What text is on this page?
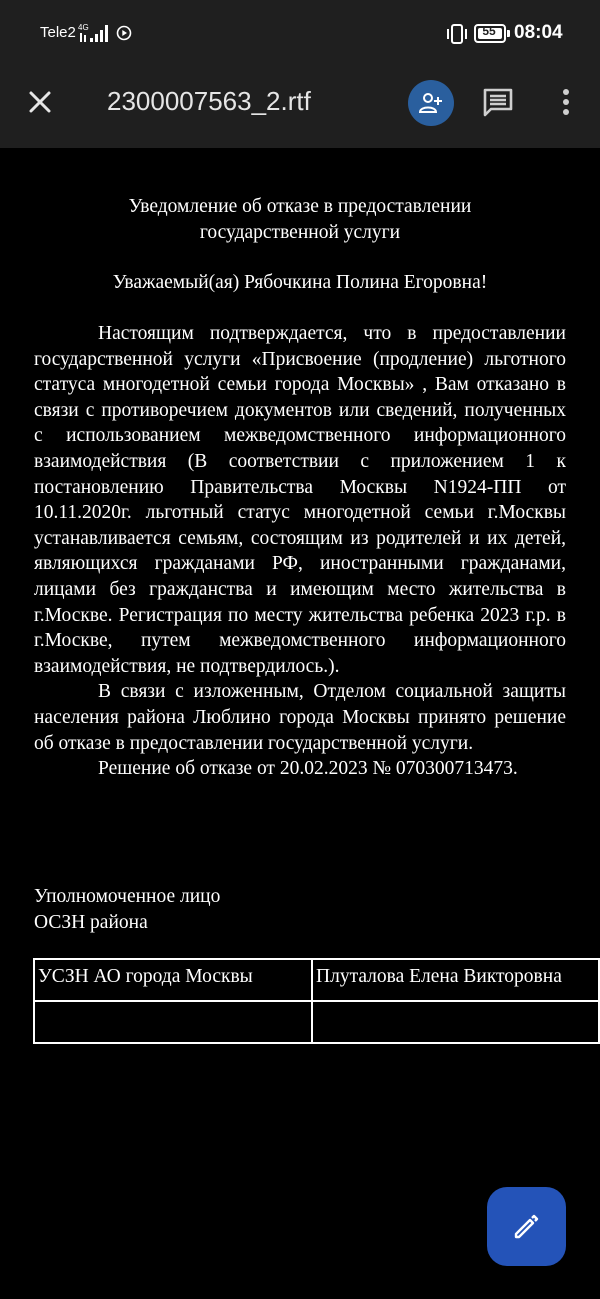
Tele2 4G	55 08:04
2300007563_2.rtf
Уведомление об отказе в предоставлении
государственной услуги
Уважаемый(ая) Рябочкина Полина Егоровна!

Настоящим подтверждается, что в предоставлении государственной услуги «Присвоение (продление) льготного статуса многодетной семьи города Москвы» , Вам отказано в связи с противоречием документов или сведений, полученных с использованием межведомственного информационного взаимодействия (В соответствии с приложением 1 к постановлению Правительства Москвы N1924-ПП от 10.11.2020г. льготный статус многодетной семьи г.Москвы устанавливается семьям, состоящим из родителей и их детей, являющихся гражданами РФ, иностранными гражданами, лицами без гражданства и имеющим место жительства в г.Москве. Регистрация по месту жительства ребенка 2023 г.р. в г.Москве, путем межведомственного информационного взаимодействия, не подтвердилось.).

В связи с изложенным, Отделом социальной защиты населения района Люблино города Москвы принято решение об отказе в предоставлении государственной услуги.

Решение об отказе от 20.02.2023 № 070300713473.

Уполномоченное лицо
ОСЗН района
УСЗН АО города Москвы	Плуталова Елена Викторовна
